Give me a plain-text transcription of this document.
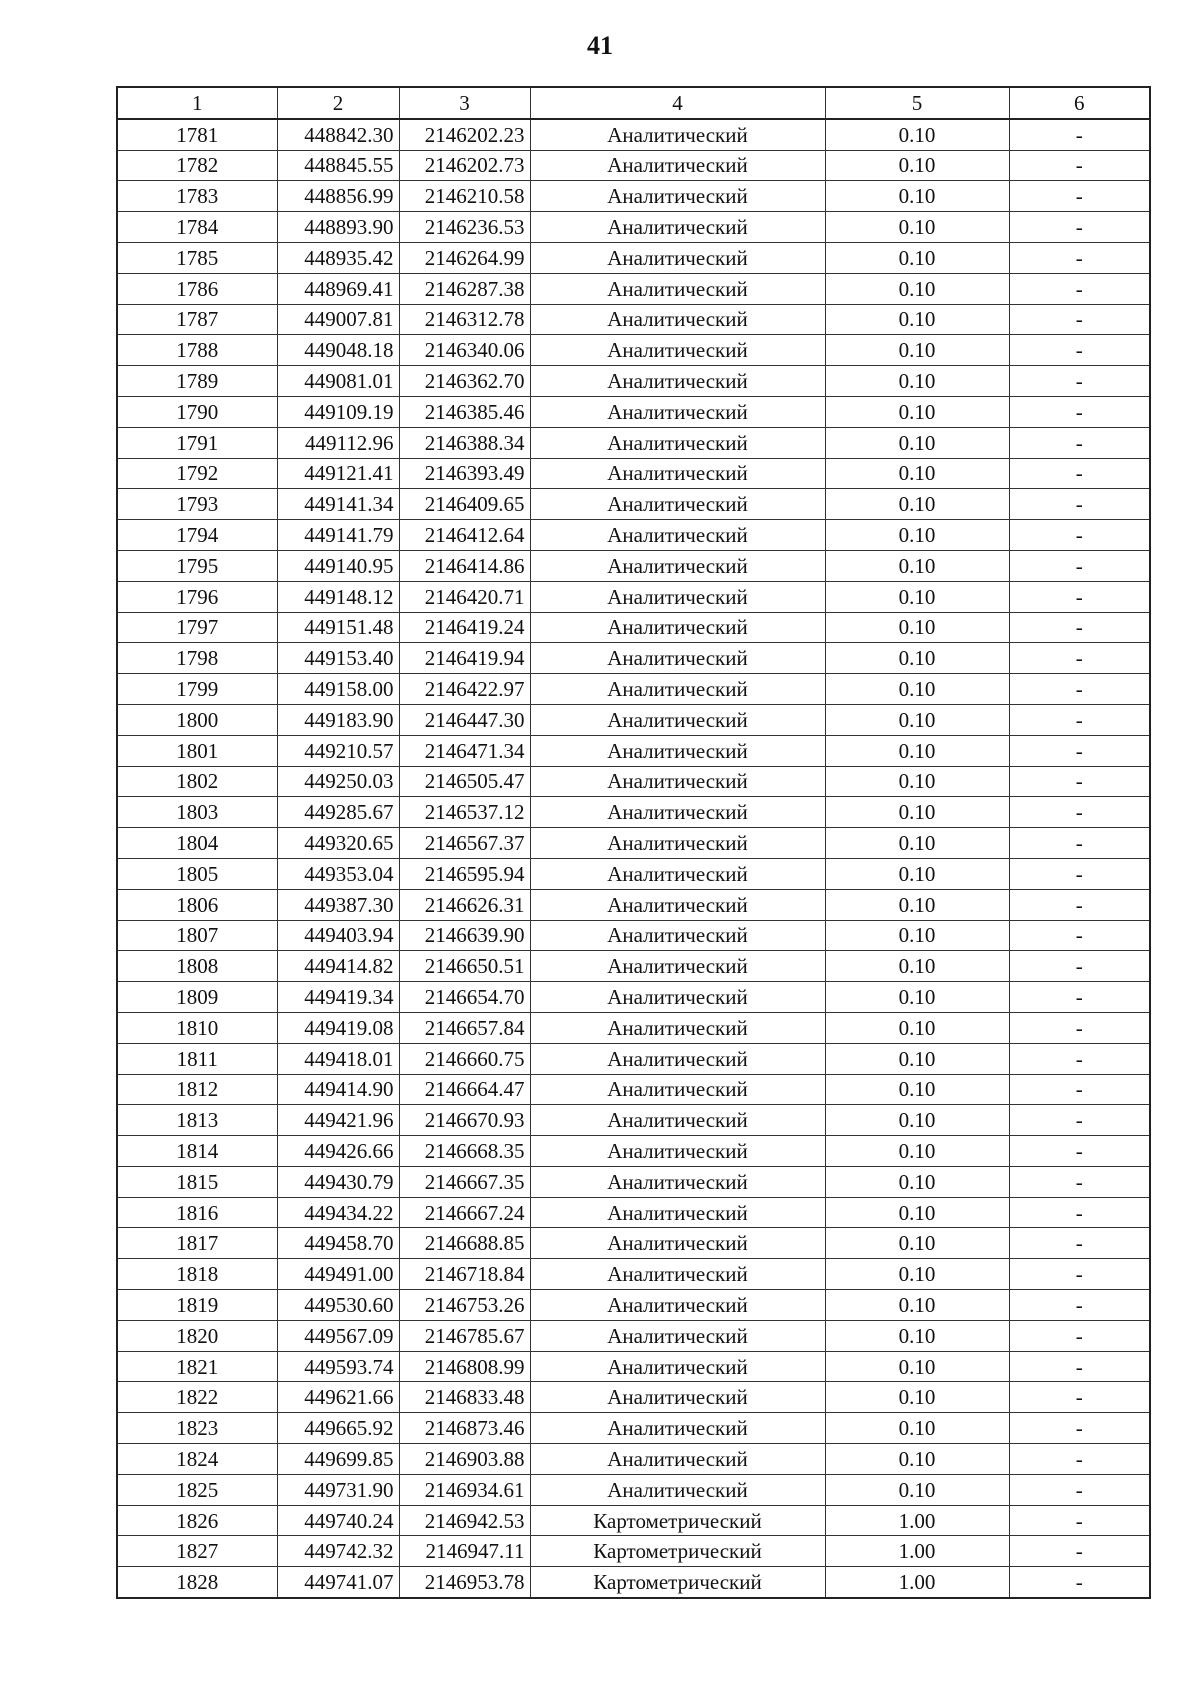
41
1	2	3	4	5	6
1781	448842.30	2146202.23	Аналитический	0.10	-
1782	448845.55	2146202.73	Аналитический	0.10	-
1783	448856.99	2146210.58	Аналитический	0.10	-
1784	448893.90	2146236.53	Аналитический	0.10	-
1785	448935.42	2146264.99	Аналитический	0.10	-
1786	448969.41	2146287.38	Аналитический	0.10	-
1787	449007.81	2146312.78	Аналитический	0.10	-
1788	449048.18	2146340.06	Аналитический	0.10	-
1789	449081.01	2146362.70	Аналитический	0.10	-
1790	449109.19	2146385.46	Аналитический	0.10	-
1791	449112.96	2146388.34	Аналитический	0.10	-
1792	449121.41	2146393.49	Аналитический	0.10	-
1793	449141.34	2146409.65	Аналитический	0.10	-
1794	449141.79	2146412.64	Аналитический	0.10	-
1795	449140.95	2146414.86	Аналитический	0.10	-
1796	449148.12	2146420.71	Аналитический	0.10	-
1797	449151.48	2146419.24	Аналитический	0.10	-
1798	449153.40	2146419.94	Аналитический	0.10	-
1799	449158.00	2146422.97	Аналитический	0.10	-
1800	449183.90	2146447.30	Аналитический	0.10	-
1801	449210.57	2146471.34	Аналитический	0.10	-
1802	449250.03	2146505.47	Аналитический	0.10	-
1803	449285.67	2146537.12	Аналитический	0.10	-
1804	449320.65	2146567.37	Аналитический	0.10	-
1805	449353.04	2146595.94	Аналитический	0.10	-
1806	449387.30	2146626.31	Аналитический	0.10	-
1807	449403.94	2146639.90	Аналитический	0.10	-
1808	449414.82	2146650.51	Аналитический	0.10	-
1809	449419.34	2146654.70	Аналитический	0.10	-
1810	449419.08	2146657.84	Аналитический	0.10	-
1811	449418.01	2146660.75	Аналитический	0.10	-
1812	449414.90	2146664.47	Аналитический	0.10	-
1813	449421.96	2146670.93	Аналитический	0.10	-
1814	449426.66	2146668.35	Аналитический	0.10	-
1815	449430.79	2146667.35	Аналитический	0.10	-
1816	449434.22	2146667.24	Аналитический	0.10	-
1817	449458.70	2146688.85	Аналитический	0.10	-
1818	449491.00	2146718.84	Аналитический	0.10	-
1819	449530.60	2146753.26	Аналитический	0.10	-
1820	449567.09	2146785.67	Аналитический	0.10	-
1821	449593.74	2146808.99	Аналитический	0.10	-
1822	449621.66	2146833.48	Аналитический	0.10	-
1823	449665.92	2146873.46	Аналитический	0.10	-
1824	449699.85	2146903.88	Аналитический	0.10	-
1825	449731.90	2146934.61	Аналитический	0.10	-
1826	449740.24	2146942.53	Картометрический	1.00	-
1827	449742.32	2146947.11	Картометрический	1.00	-
1828	449741.07	2146953.78	Картометрический	1.00	-
